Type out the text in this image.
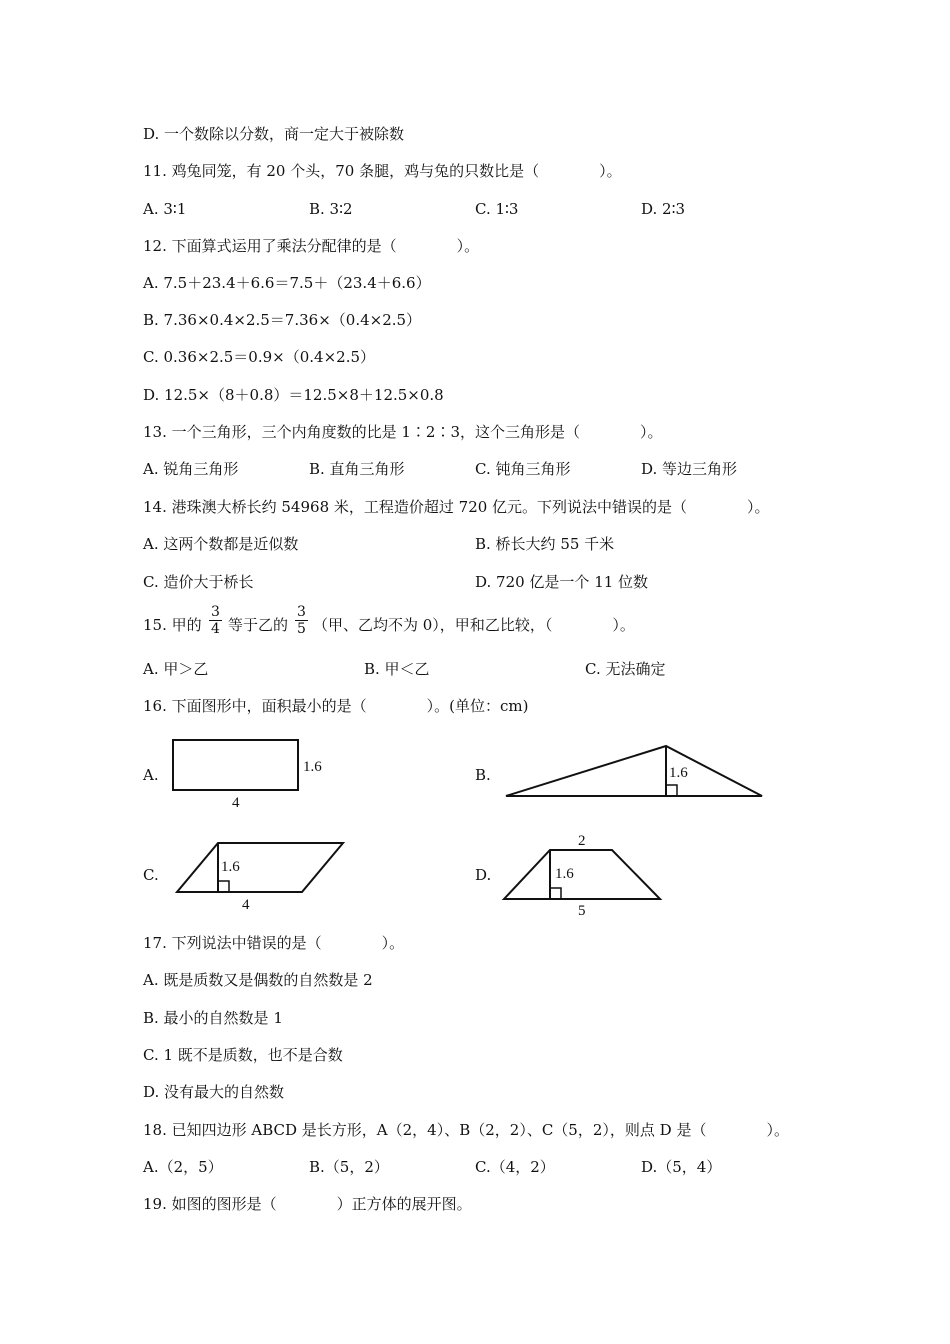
D. 一个数除以分数，商一定大于被除数
11. 鸡兔同笼，有 20 个头，70 条腿，鸡与兔的只数比是（　　　　）。
A. 3∶1	B. 3∶2	C. 1∶3	D. 2∶3
12. 下面算式运用了乘法分配律的是（　　　　）。
A. 7.5＋23.4＋6.6＝7.5＋（23.4＋6.6）
B. 7.36×0.4×2.5＝7.36×（0.4×2.5）
C. 0.36×2.5＝0.9×（0.4×2.5）
D. 12.5×（8＋0.8）＝12.5×8＋12.5×0.8
13. 一个三角形，三个内角度数的比是 1∶2∶3，这个三角形是（　　　　）。
A. 锐角三角形	B. 直角三角形	C. 钝角三角形	D. 等边三角形
14. 港珠澳大桥长约 54968 米，工程造价超过 720 亿元。下列说法中错误的是（　　　　）。
A. 这两个数都是近似数	B. 桥长大约 55 千米
C. 造价大于桥长	D. 720 亿是一个 11 位数
15. 甲的 $\frac{3}{4}$ 等于乙的 $\frac{3}{5}$ （甲、乙均不为 0），甲和乙比较，（　　　　）。
A. 甲＞乙	B. 甲＜乙	C. 无法确定
16. 下面图形中，面积最小的是（　　　　）。(单位：cm)
A.	B.
C.	D.
1.6
4
1.6
1.6
4
2
1.6
5
17. 下列说法中错误的是（　　　　）。
A. 既是质数又是偶数的自然数是 2
B. 最小的自然数是 1
C. 1 既不是质数，也不是合数
D. 没有最大的自然数
18. 已知四边形 ABCD 是长方形，A（2，4）、B（2，2）、C（5，2），则点 D 是（　　　　）。
A.（2，5）	B.（5，2）	C.（4，2）	D.（5，4）
19. 如图的图形是（　　　　）正方体的展开图。
